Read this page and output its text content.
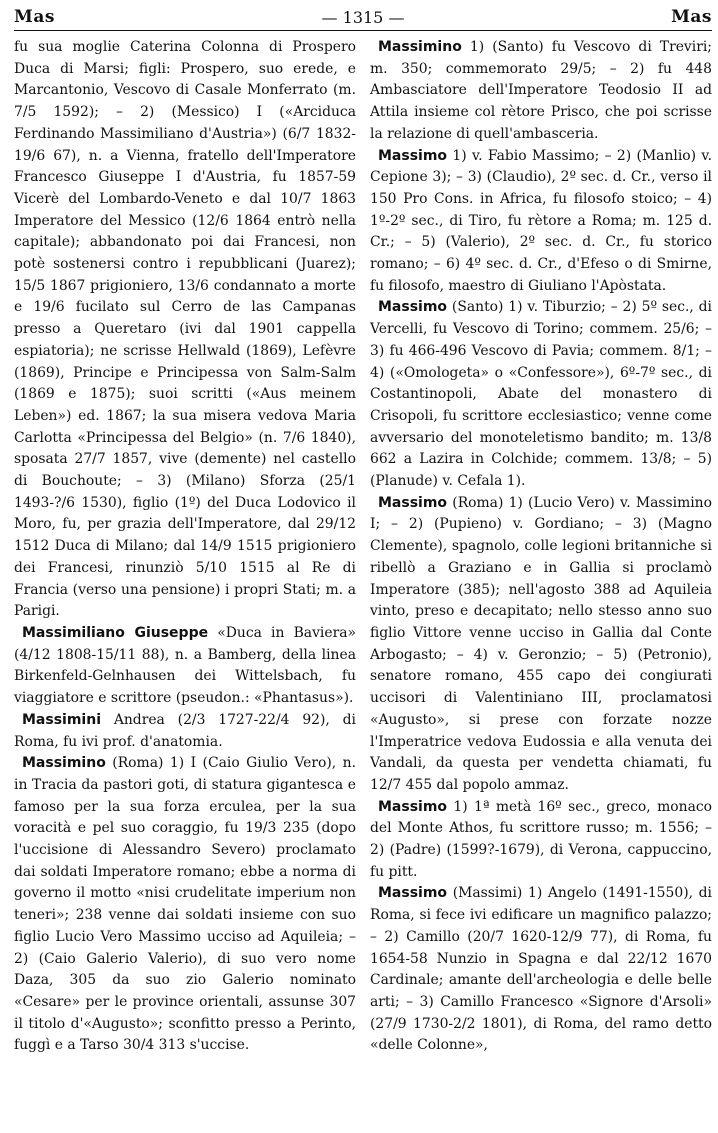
Mas	— 1315 —	Mas

fu sua moglie Caterina Colonna di Prospero Duca di Marsi; figli: Prospero, suo erede, e Marcantonio, Vescovo di Casale Monferrato (m. 7/5 1592); – 2) (Messico) I («Arciduca Ferdinando Massimiliano d'Austria») (6/7 1832-19/6 67), n. a Vienna, fratello dell'Imperatore Francesco Giuseppe I d'Austria, fu 1857-59 Vicerè del Lombardo-Veneto e dal 10/7 1863 Imperatore del Messico (12/6 1864 entrò nella capitale); abbandonato poi dai Francesi, non potè sostenersi contro i repubblicani (Juarez); 15/5 1867 prigioniero, 13/6 condannato a morte e 19/6 fucilato sul Cerro de las Campanas presso a Queretaro (ivi dal 1901 cappella espiatoria); ne scrisse Hellwald (1869), Lefèvre (1869), Principe e Principessa von Salm-Salm (1869 e 1875); suoi scritti («Aus meinem Leben») ed. 1867; la sua misera vedova Maria Carlotta «Principessa del Belgio» (n. 7/6 1840), sposata 27/7 1857, vive (demente) nel castello di Bouchoute; – 3) (Milano) Sforza (25/1 1493-?/6 1530), figlio (1º) del Duca Lodovico il Moro, fu, per grazia dell'Imperatore, dal 29/12 1512 Duca di Milano; dal 14/9 1515 prigioniero dei Francesi, rinunziò 5/10 1515 al Re di Francia (verso una pensione) i propri Stati; m. a Parigi.

Massimiliano Giuseppe «Duca in Baviera» (4/12 1808-15/11 88), n. a Bamberg, della linea Birkenfeld-Gelnhausen dei Wittelsbach, fu viaggiatore e scrittore (pseudon.: «Phantasus»).

Massimini Andrea (2/3 1727-22/4 92), di Roma, fu ivi prof. d'anatomia.

Massimino (Roma) 1) I (Caio Giulio Vero), n. in Tracia da pastori goti, di statura gigantesca e famoso per la sua forza erculea, per la sua voracità e pel suo coraggio, fu 19/3 235 (dopo l'uccisione di Alessandro Severo) proclamato dai soldati Imperatore romano; ebbe a norma di governo il motto «nisi crudelitate imperium non teneri»; 238 venne dai soldati insieme con suo figlio Lucio Vero Massimo ucciso ad Aquileia; – 2) (Caio Galerio Valerio), di suo vero nome Daza, 305 da suo zio Galerio nominato «Cesare» per le province orientali, assunse 307 il titolo d'«Augusto»; sconfitto presso a Perinto, fuggì e a Tarso 30/4 313 s'uccise.

Massimino 1) (Santo) fu Vescovo di Treviri; m. 350; commemorato 29/5; – 2) fu 448 Ambasciatore dell'Imperatore Teodosio II ad Attila insieme col rètore Prisco, che poi scrisse la relazione di quell'ambasceria.

Massimo 1) v. Fabio Massimo; – 2) (Manlio) v. Cepione 3); – 3) (Claudio), 2º sec. d. Cr., verso il 150 Pro Cons. in Africa, fu filosofo stoico; – 4) 1º-2º sec., di Tiro, fu rètore a Roma; m. 125 d. Cr.; – 5) (Valerio), 2º sec. d. Cr., fu storico romano; – 6) 4º sec. d. Cr., d'Efeso o di Smirne, fu filosofo, maestro di Giuliano l'Apòstata.

Massimo (Santo) 1) v. Tiburzio; – 2) 5º sec., di Vercelli, fu Vescovo di Torino; commem. 25/6; – 3) fu 466-496 Vescovo di Pavia; commem. 8/1; – 4) («Omologeta» o «Confessore»), 6º-7º sec., di Costantinopoli, Abate del monastero di Crisopoli, fu scrittore ecclesiastico; venne come avversario del monoteletismo bandito; m. 13/8 662 a Lazira in Colchide; commem. 13/8; – 5) (Planude) v. Cefala 1).

Massimo (Roma) 1) (Lucio Vero) v. Massimino I; – 2) (Pupieno) v. Gordiano; – 3) (Magno Clemente), spagnolo, colle legioni britanniche si ribellò a Graziano e in Gallia si proclamò Imperatore (385); nell'agosto 388 ad Aquileia vinto, preso e decapitato; nello stesso anno suo figlio Vittore venne ucciso in Gallia dal Conte Arbogasto; – 4) v. Geronzio; – 5) (Petronio), senatore romano, 455 capo dei congiurati uccisori di Valentiniano III, proclamatosi «Augusto», si prese con forzate nozze l'Imperatrice vedova Eudossia e alla venuta dei Vandali, da questa per vendetta chiamati, fu 12/7 455 dal popolo ammaz.

Massimo 1) 1ª metà 16º sec., greco, monaco del Monte Athos, fu scrittore russo; m. 1556; – 2) (Padre) (1599?-1679), di Verona, cappuccino, fu pitt.

Massimo (Massimi) 1) Angelo (1491-1550), di Roma, si fece ivi edificare un magnifico palazzo; – 2) Camillo (20/7 1620-12/9 77), di Roma, fu 1654-58 Nunzio in Spagna e dal 22/12 1670 Cardinale; amante dell'archeologia e delle belle arti; – 3) Camillo Francesco «Signore d'Arsoli» (27/9 1730-2/2 1801), di Roma, del ramo detto «delle Colonne»,
